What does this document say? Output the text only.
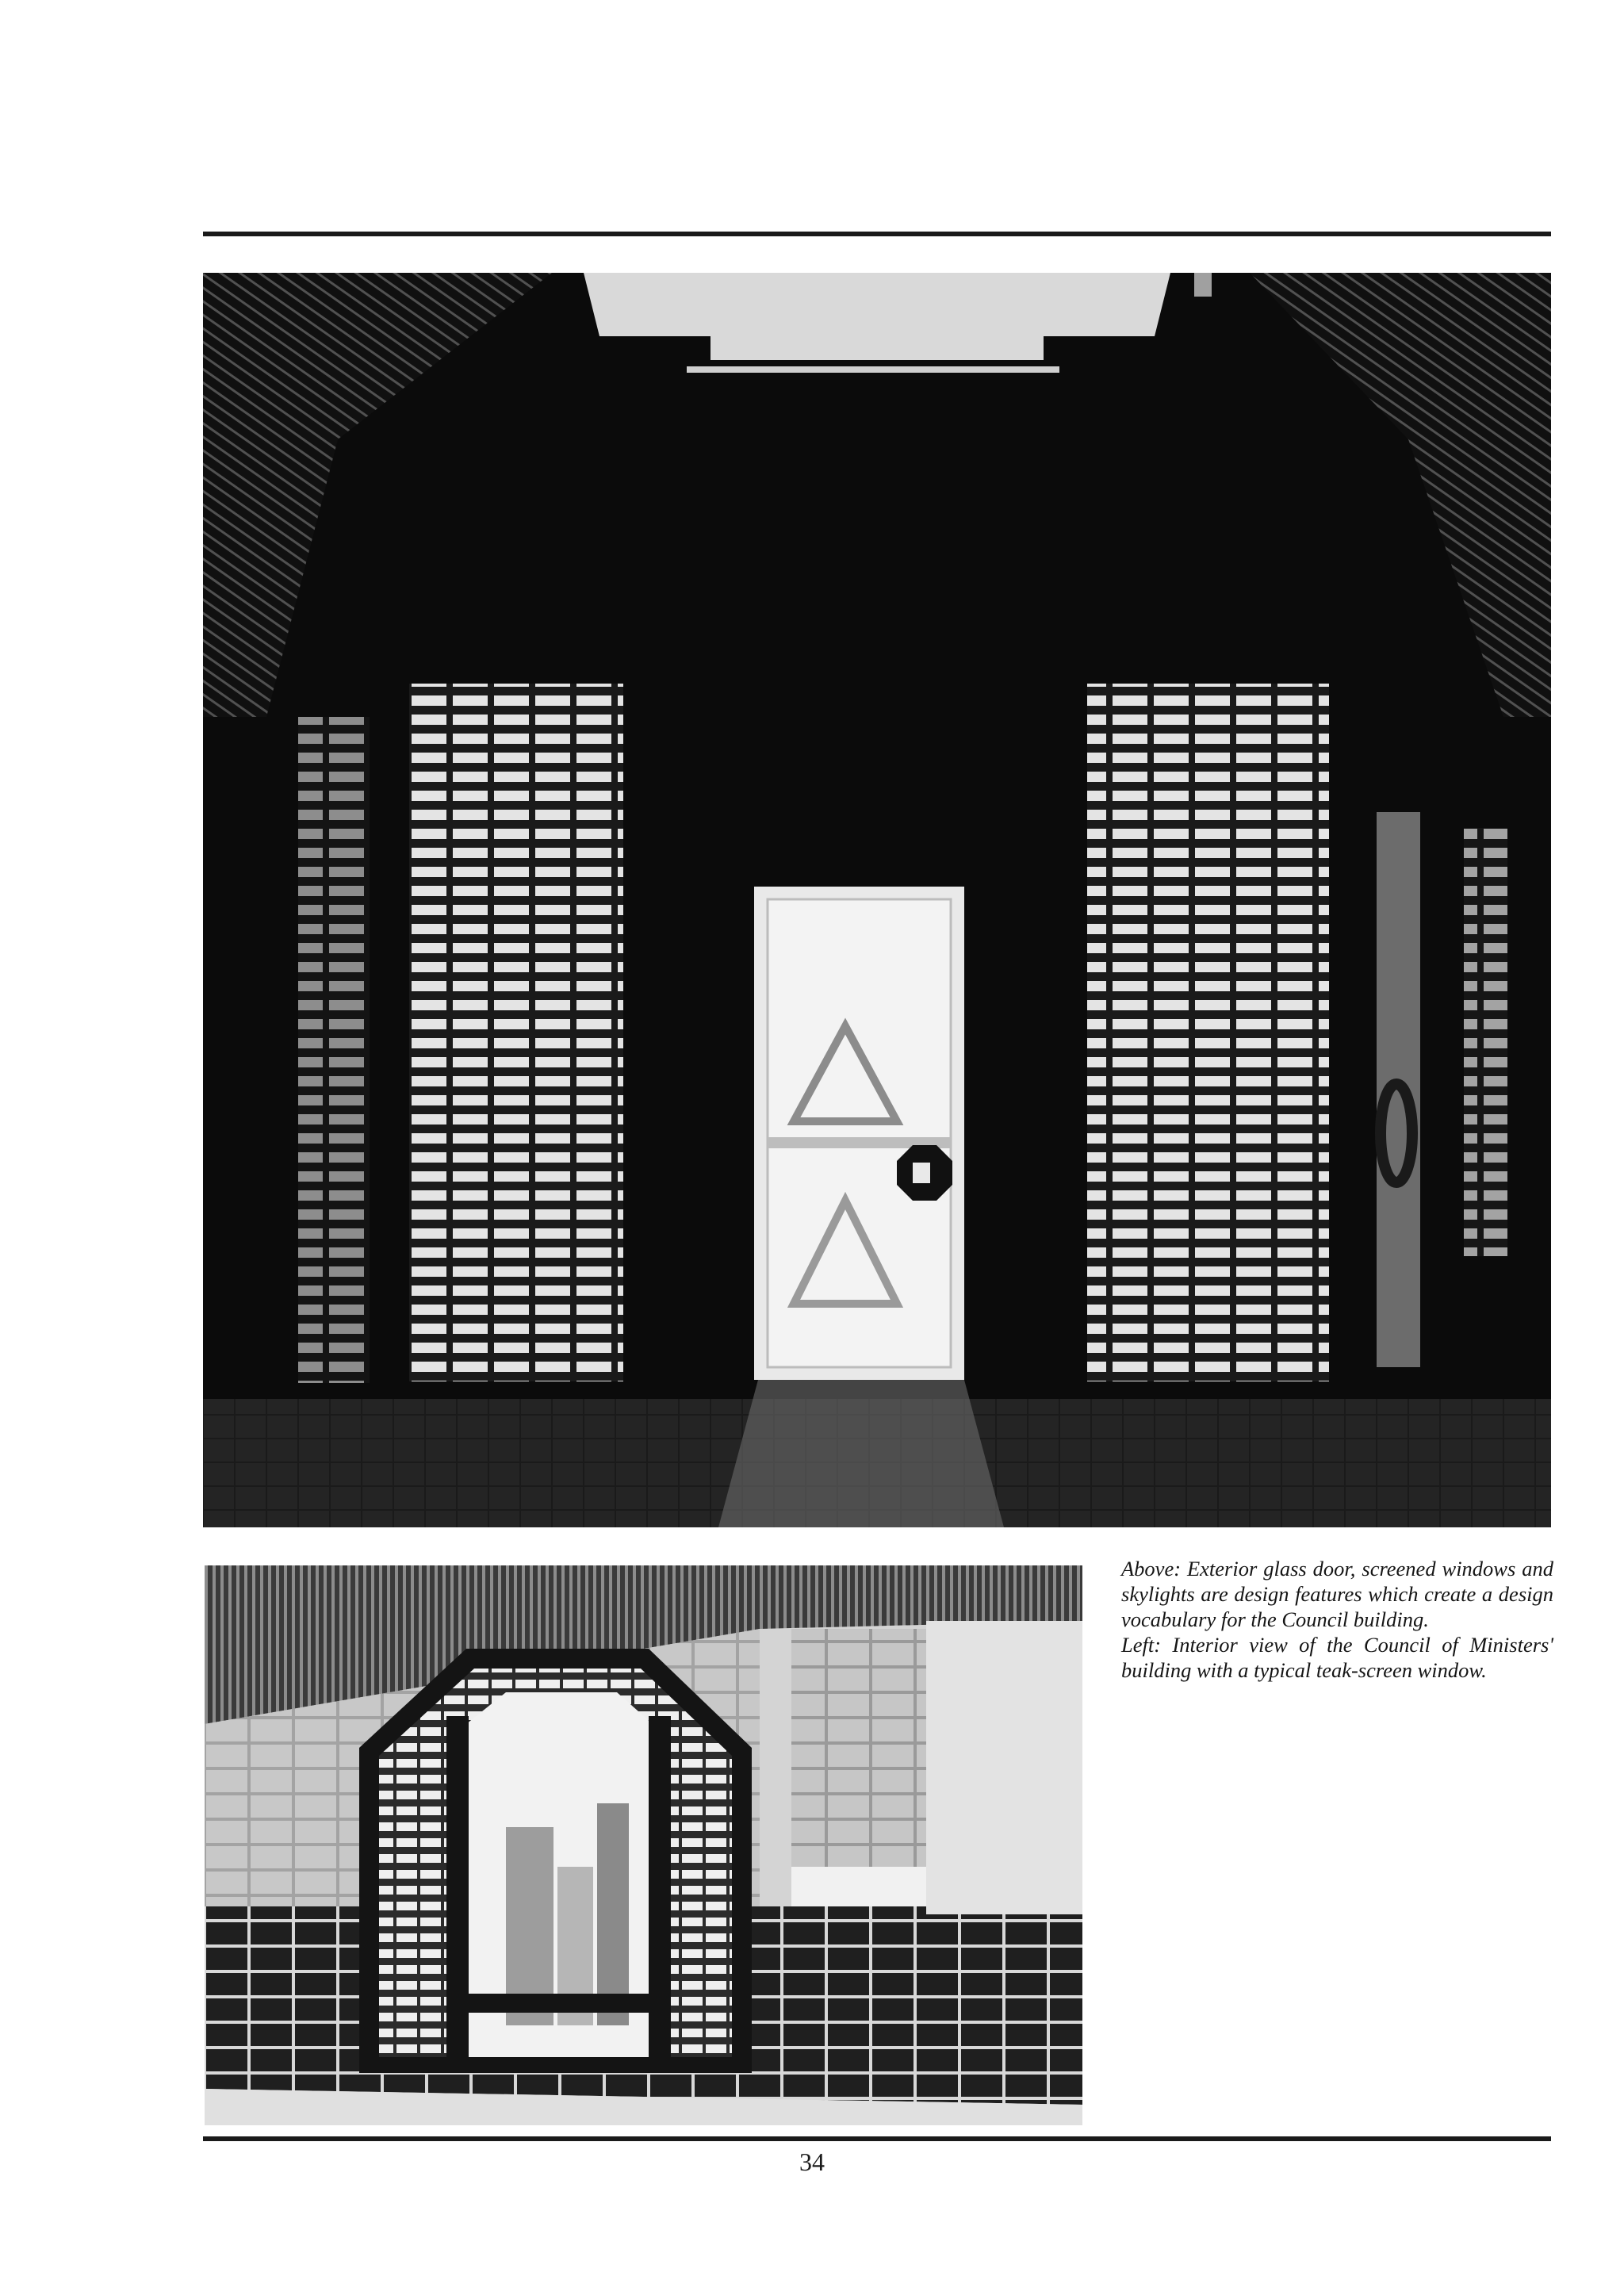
Above: Exterior glass door, screened windows and skylights are design features which create a design vocabulary for the Council building.

Left: Interior view of the Council of Ministers' building with a typical teak-screen window.

34
